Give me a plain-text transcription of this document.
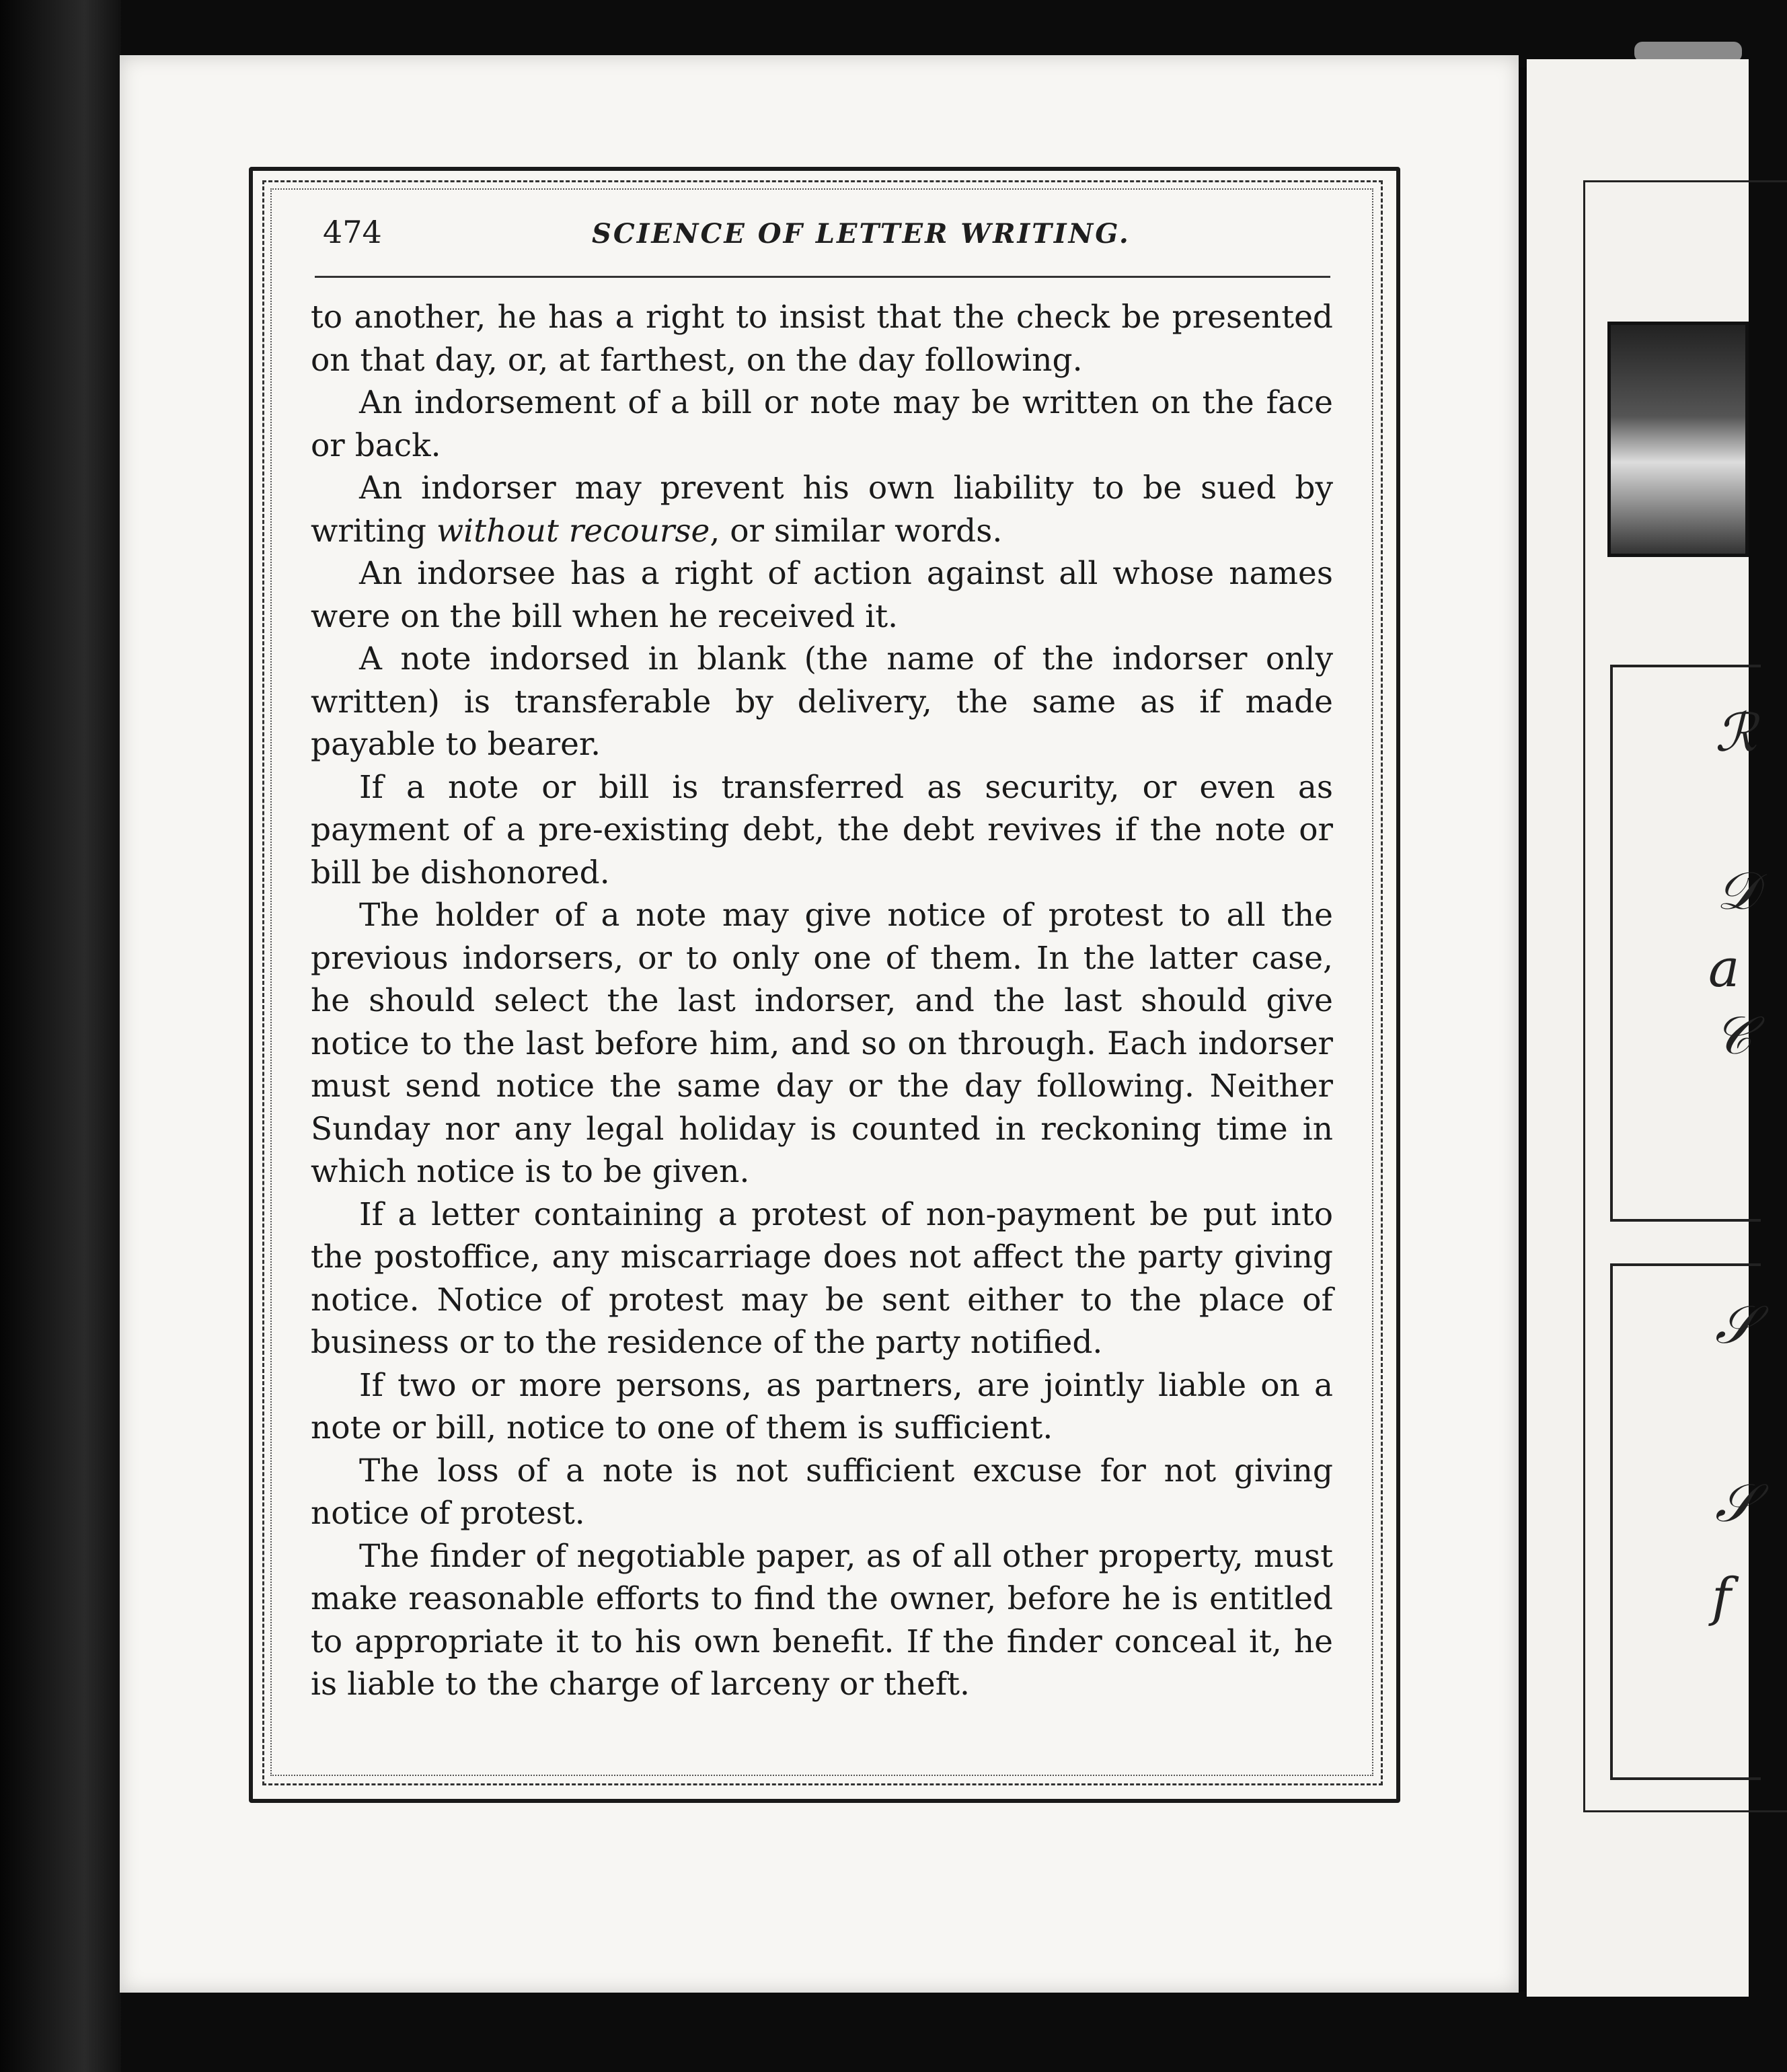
474	SCIENCE OF LETTER WRITING.

to another, he has a right to insist that the check be presented on that day, or, at farthest, on the day following.

An indorsement of a bill or note may be written on the face or back.

An indorser may prevent his own liability to be sued by writing without recourse, or similar words.

An indorsee has a right of action against all whose names were on the bill when he received it.

A note indorsed in blank (the name of the indorser only written) is transferable by delivery, the same as if made payable to bearer.

If a note or bill is transferred as security, or even as payment of a pre-existing debt, the debt revives if the note or bill be dishonored.

The holder of a note may give notice of protest to all the previous indorsers, or to only one of them. In the latter case, he should select the last indorser, and the last should give notice to the last before him, and so on through. Each indorser must send notice the same day or the day following. Neither Sunday nor any legal holiday is counted in reckoning time in which notice is to be given.

If a letter containing a protest of non-payment be put into the postoffice, any miscarriage does not affect the party giving notice. Notice of protest may be sent either to the place of business or to the residence of the party notified.

If two or more persons, as partners, are jointly liable on a note or bill, notice to one of them is sufficient.

The loss of a note is not sufficient excuse for not giving notice of protest.

The finder of negotiable paper, as of all other property, must make reasonable efforts to find the owner, before he is entitled to appropriate it to his own benefit. If the finder conceal it, he is liable to the charge of larceny or theft.

ℛ
𝒟
a
𝒞
𝒮
𝒮
f
